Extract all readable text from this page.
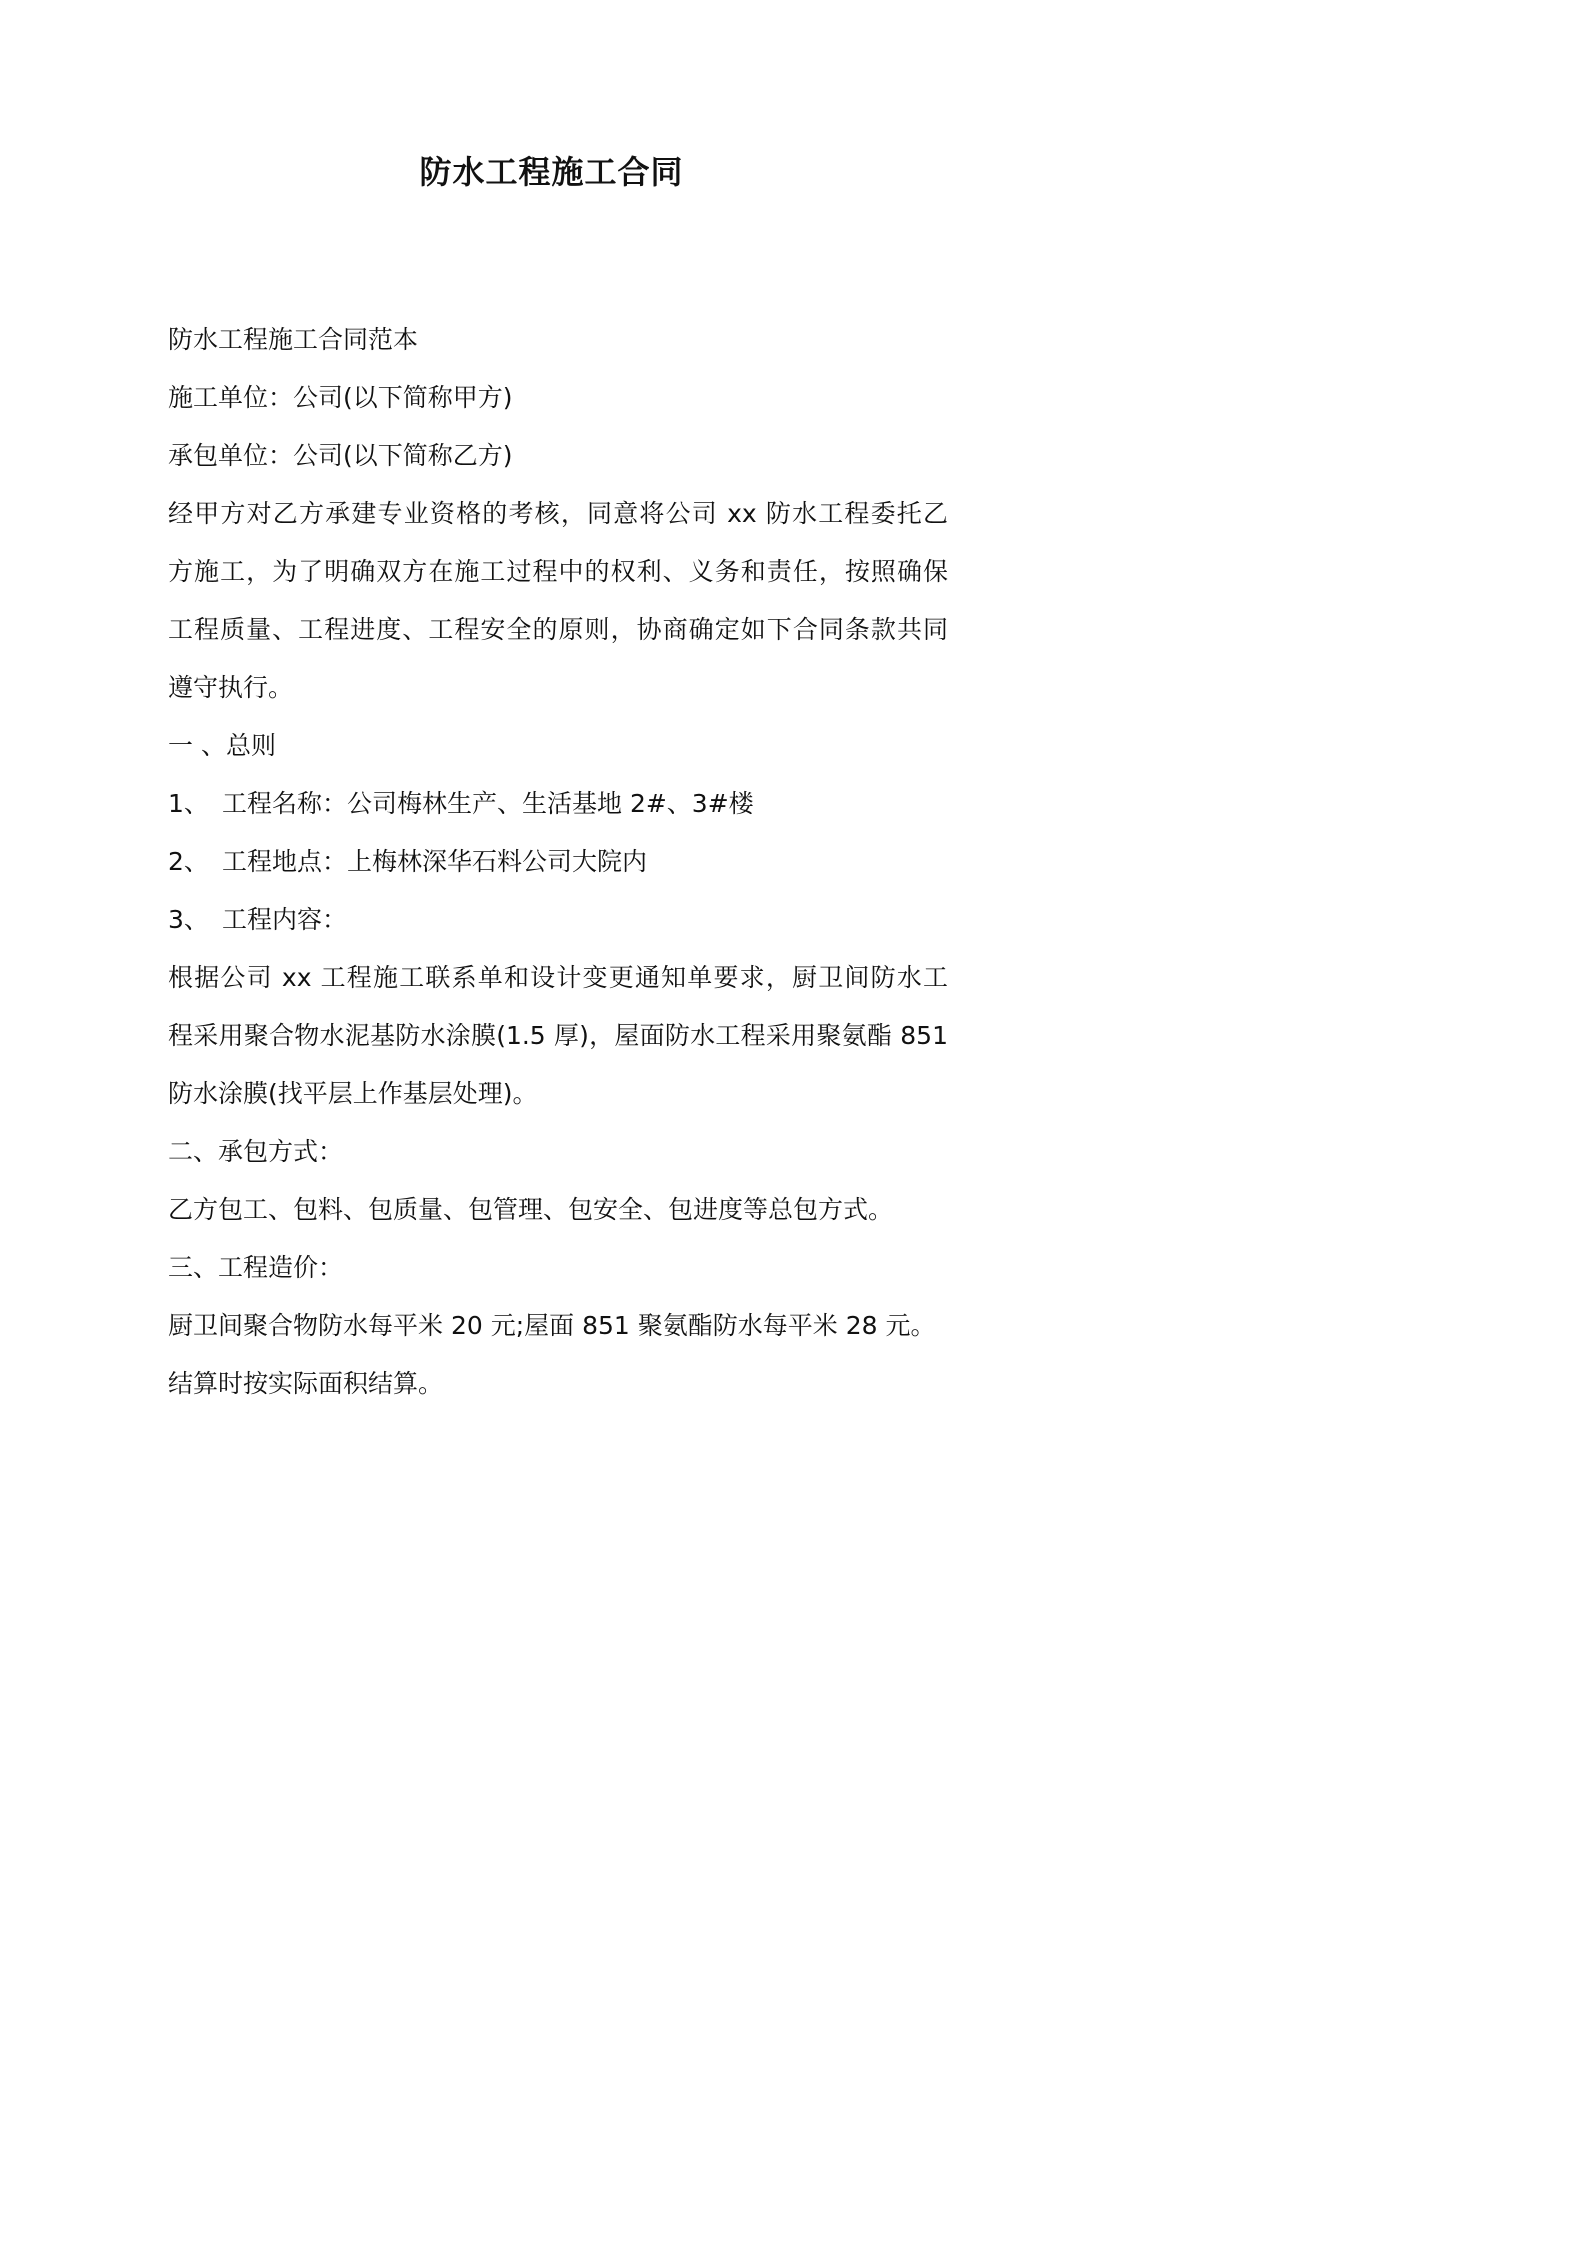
防水工程施工合同
防水工程施工合同范本
施工单位：公司(以下简称甲方)
承包单位：公司(以下简称乙方)
经甲方对乙方承建专业资格的考核，同意将公司 xx 防水工程委托乙
方施工，为了明确双方在施工过程中的权利、义务和责任，按照确保
工程质量、工程进度、工程安全的原则，协商确定如下合同条款共同
遵守执行。
一 、总则
1、 工程名称：公司梅林生产、生活基地 2#、3#楼
2、 工程地点：上梅林深华石料公司大院内
3、 工程内容：
根据公司 xx 工程施工联系单和设计变更通知单要求，厨卫间防水工
程采用聚合物水泥基防水涂膜(1.5 厚)，屋面防水工程采用聚氨酯 851
防水涂膜(找平层上作基层处理)。
二、承包方式：
乙方包工、包料、包质量、包管理、包安全、包进度等总包方式。
三、工程造价：
厨卫间聚合物防水每平米 20 元;屋面 851 聚氨酯防水每平米 28 元。
结算时按实际面积结算。
